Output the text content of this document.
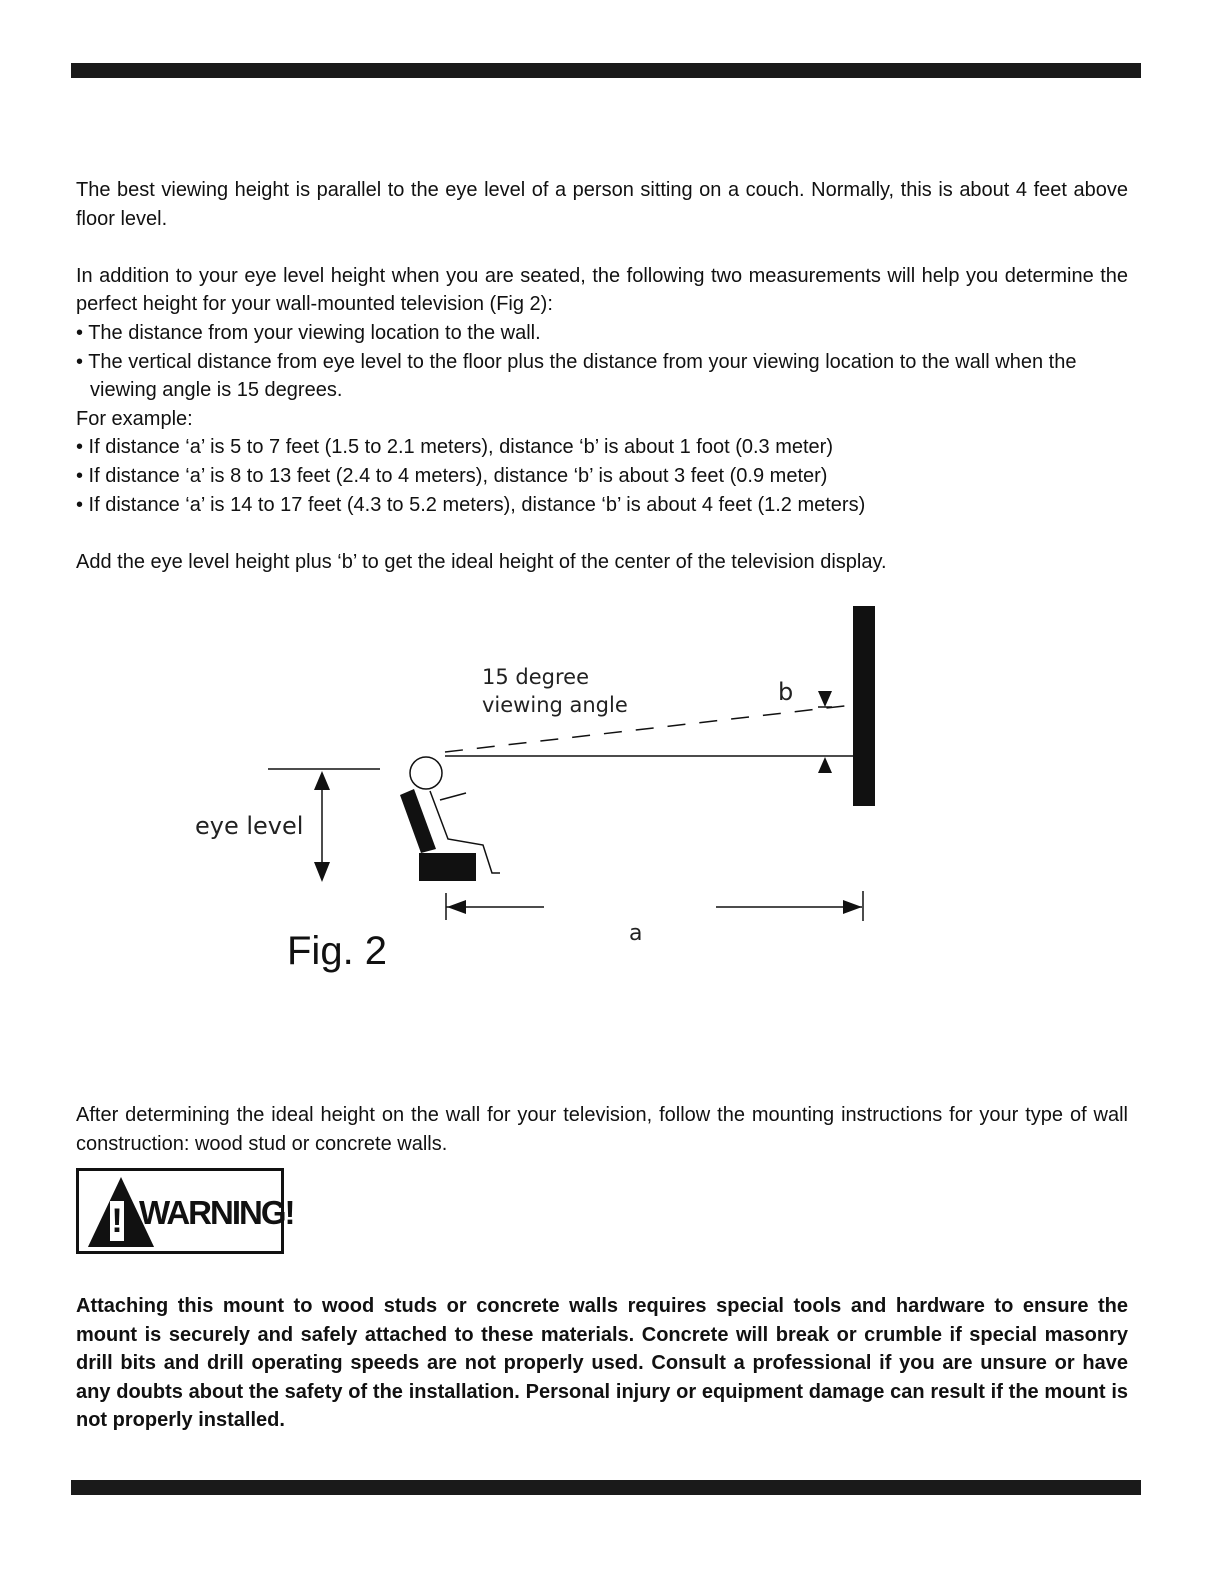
The best viewing height is parallel to the eye level of a person sitting on a couch. Normally, this is about 4 feet above floor level.

In addition to your eye level height when you are seated, the following two measurements will help you determine the perfect height for your wall-mounted television (Fig 2):

• The distance from your viewing location to the wall.

• The vertical distance from eye level to the floor plus the distance from your viewing location to the wall when the viewing angle is 15 degrees.

For example:

• If distance ‘a’ is 5 to 7 feet (1.5 to 2.1 meters), distance ‘b’ is about 1 foot (0.3 meter)

• If distance ‘a’ is 8 to 13 feet (2.4 to 4 meters), distance ‘b’ is about 3 feet (0.9 meter)

• If distance ‘a’ is 14 to 17 feet (4.3 to 5.2 meters), distance ‘b’ is about 4 feet (1.2 meters)

Add the eye level height plus ‘b’ to get the ideal height of the center of the television display.

15 degree
viewing angle	b
eye level
a
Fig. 2

After determining the ideal height on the wall for your television, follow the mounting instructions for your type of wall construction: wood stud or concrete walls.

! WARNING!

Attaching this mount to wood studs or concrete walls requires special tools and hardware to ensure the mount is securely and safely attached to these materials. Concrete will break or crumble if special masonry drill bits and drill operating speeds are not properly used. Consult a professional if you are unsure or have any doubts about the safety of the installation. Personal injury or equipment damage can result if the mount is not properly installed.
